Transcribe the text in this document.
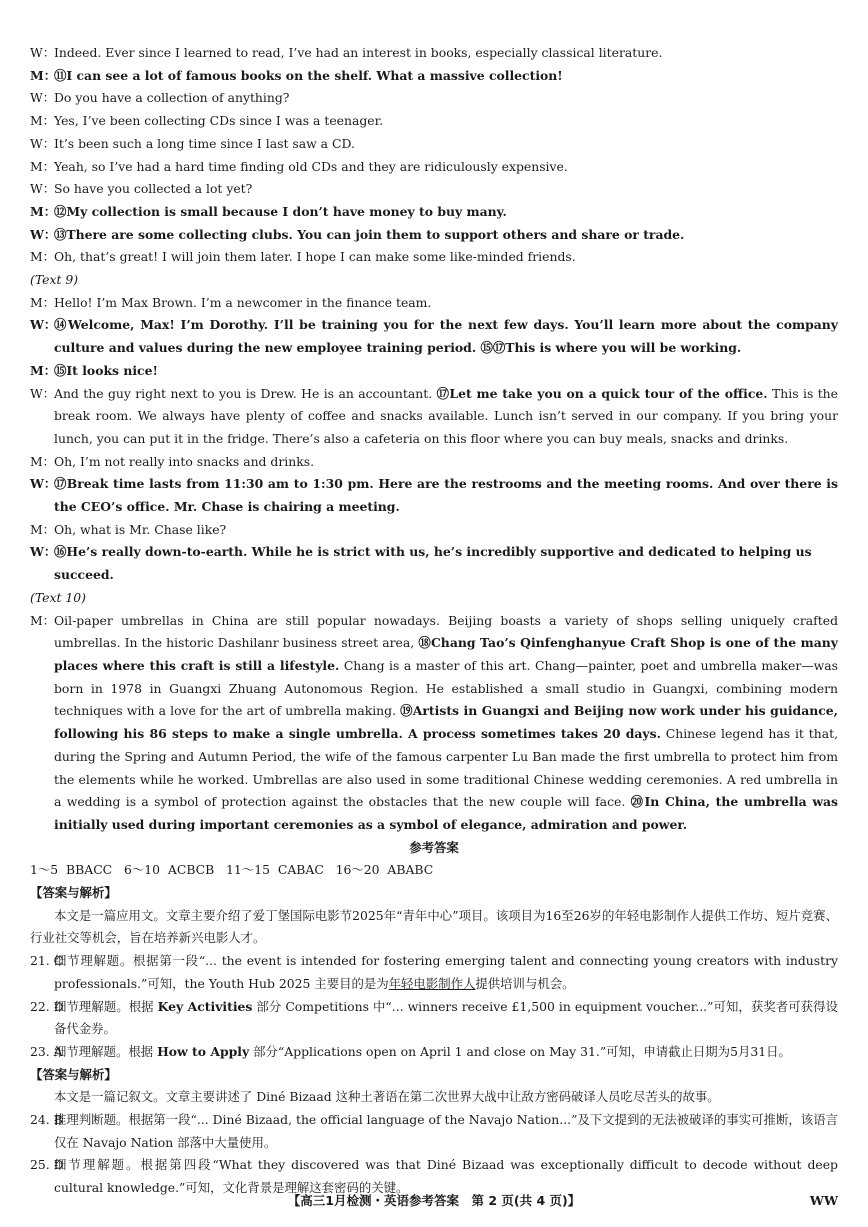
W：
Indeed. Ever since I learned to read, I’ve had an interest in books, especially classical literature.
M：
⑪I can see a lot of famous books on the shelf. What a massive collection!
W：
Do you have a collection of anything?
M：
Yes, I’ve been collecting CDs since I was a teenager.
W：
It’s been such a long time since I last saw a CD.
M：
Yeah, so I’ve had a hard time finding old CDs and they are ridiculously expensive.
W：
So have you collected a lot yet?
M：
⑫My collection is small because I don’t have money to buy many.
W：
⑬There are some collecting clubs. You can join them to support others and share or trade.
M：
Oh, that’s great! I will join them later. I hope I can make some like-minded friends.
(Text 9)
M：
Hello! I’m Max Brown. I’m a newcomer in the finance team.
W：
⑭Welcome, Max! I’m Dorothy. I’ll be training you for the next few days. You’ll learn more about the company culture and values during the new employee training period. ⑮⑰This is where you will be working.
M：
⑮It looks nice!
W：
And the guy right next to you is Drew. He is an accountant. ⑰Let me take you on a quick tour of the office. This is the break room. We always have plenty of coffee and snacks available. Lunch isn’t served in our company. If you bring your lunch, you can put it in the fridge. There’s also a cafeteria on this floor where you can buy meals, snacks and drinks.
M：
Oh, I’m not really into snacks and drinks.
W：
⑰Break time lasts from 11:30 am to 1:30 pm. Here are the restrooms and the meeting rooms. And over there is the CEO’s office. Mr. Chase is chairing a meeting.
M：
Oh, what is Mr. Chase like?
W：
⑯He’s really down-to-earth. While he is strict with us, he’s incredibly supportive and dedicated to helping us succeed.
(Text 10)
M：
Oil-paper umbrellas in China are still popular nowadays. Beijing boasts a variety of shops selling uniquely crafted umbrellas. In the historic Dashilanr business street area, ⑱Chang Tao’s Qinfenghanyue Craft Shop is one of the many places where this craft is still a lifestyle. Chang is a master of this art. Chang—painter, poet and umbrella maker—was born in 1978 in Guangxi Zhuang Autonomous Region. He established a small studio in Guangxi, combining modern techniques with a love for the art of umbrella making. ⑲Artists in Guangxi and Beijing now work under his guidance, following his 86 steps to make a single umbrella. A process sometimes takes 20 days. Chinese legend has it that, during the Spring and Autumn Period, the wife of the famous carpenter Lu Ban made the first umbrella to protect him from the elements while he worked. Umbrellas are also used in some traditional Chinese wedding ceremonies. A red umbrella in a wedding is a symbol of protection against the obstacles that the new couple will face. ⑳In China, the umbrella was initially used during important ceremonies as a symbol of elegance, admiration and power.
参考答案
1～5  BBACC   6～10  ACBCB   11～15  CABAC   16～20  ABABC
【答案与解析】
本文是一篇应用文。文章主要介绍了爱丁堡国际电影节2025年“青年中心”项目。该项目为16至26岁的年轻电影制作人提供工作坊、短片竞赛、行业社交等机会，旨在培养新兴电影人才。
21. C
细节理解题。根据第一段“... the event is intended for fostering emerging talent and connecting young creators with industry professionals.”可知，the Youth Hub 2025 主要目的是为年轻电影制作人提供培训与机会。
22. D
细节理解题。根据 Key Activities 部分 Competitions 中“... winners receive £1,500 in equipment voucher...”可知，获奖者可获得设备代金券。
23. A
细节理解题。根据 How to Apply 部分“Applications open on April 1 and close on May 31.”可知，申请截止日期为5月31日。
【答案与解析】
本文是一篇记叙文。文章主要讲述了 Diné Bizaad 这种土著语在第二次世界大战中让敌方密码破译人员吃尽苦头的故事。
24. B
推理判断题。根据第一段“... Diné Bizaad, the official language of the Navajo Nation...”及下文提到的无法被破译的事实可推断，该语言仅在 Navajo Nation 部落中大量使用。
25. D
细节理解题。根据第四段“What they discovered was that Diné Bizaad was exceptionally difficult to decode without deep cultural knowledge.”可知，文化背景是理解这套密码的关键。
【高三1月检测・英语参考答案　第 2 页(共 4 页)】	WW
